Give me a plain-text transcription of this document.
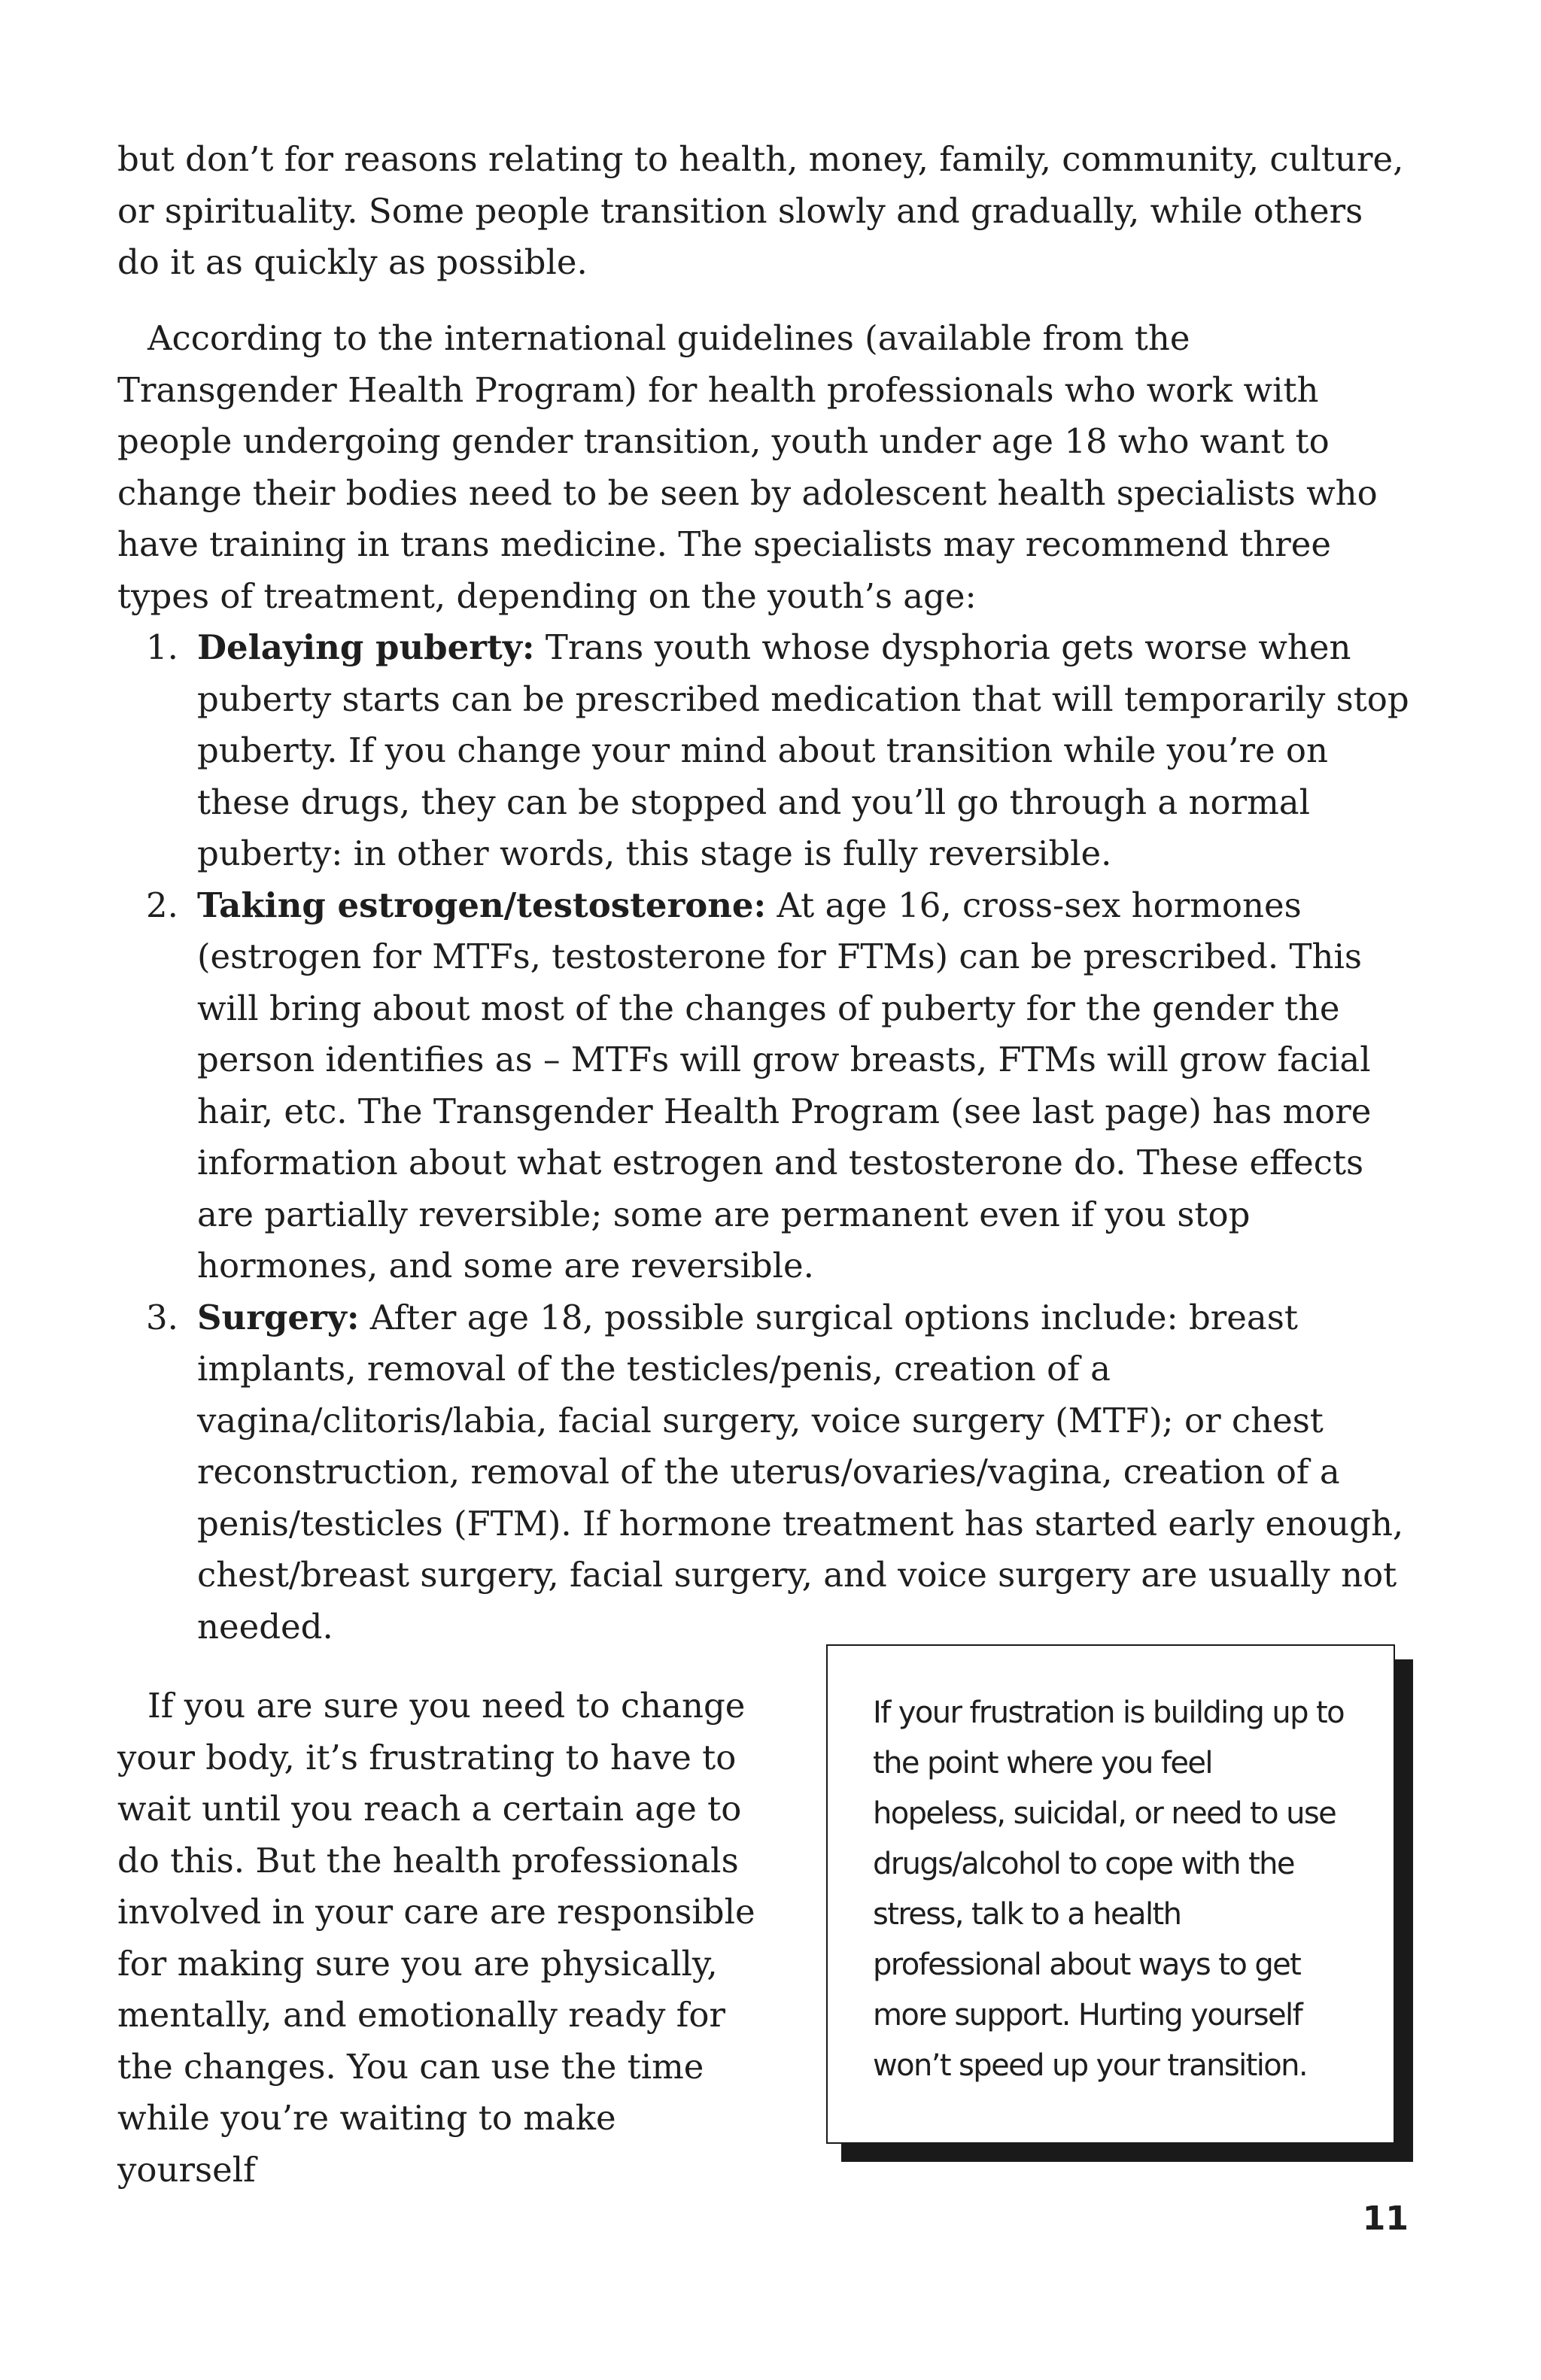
but don’t for reasons relating to health, money, family, community, culture, or spirituality. Some people transition slowly and gradually, while others do it as quickly as possible.

According to the international guidelines (available from the Transgender Health Program) for health professionals who work with people undergoing gender transition, youth under age 18 who want to change their bodies need to be seen by adolescent health specialists who have training in trans medicine. The specialists may recommend three types of treatment, depending on the youth’s age:

1. Delaying puberty: Trans youth whose dysphoria gets worse when puberty starts can be prescribed medication that will temporarily stop puberty. If you change your mind about transition while you’re on these drugs, they can be stopped and you’ll go through a normal puberty: in other words, this stage is fully reversible.
2. Taking estrogen/testosterone: At age 16, cross-sex hormones (estrogen for MTFs, testosterone for FTMs) can be prescribed. This will bring about most of the changes of puberty for the gender the person identifies as – MTFs will grow breasts, FTMs will grow facial hair, etc. The Transgender Health Program (see last page) has more information about what estrogen and testosterone do. These effects are partially reversible; some are permanent even if you stop hormones, and some are reversible.
3. Surgery: After age 18, possible surgical options include: breast implants, removal of the testicles/penis, creation of a vagina/clitoris/labia, facial surgery, voice surgery (MTF); or chest reconstruction, removal of the uterus/ovaries/vagina, creation of a penis/testicles (FTM). If hormone treatment has started early enough, chest/breast surgery, facial surgery, and voice surgery are usually not needed.

If you are sure you need to change your body, it’s frustrating to have to wait until you reach a certain age to do this. But the health professionals involved in your care are responsible for making sure you are physically, mentally, and emotionally ready for the changes. You can use the time while you’re waiting to make yourself

If your frustration is building up to the point where you feel hopeless, suicidal, or need to use drugs/alcohol to cope with the stress, talk to a health professional about ways to get more support. Hurting yourself won’t speed up your transition.

11
